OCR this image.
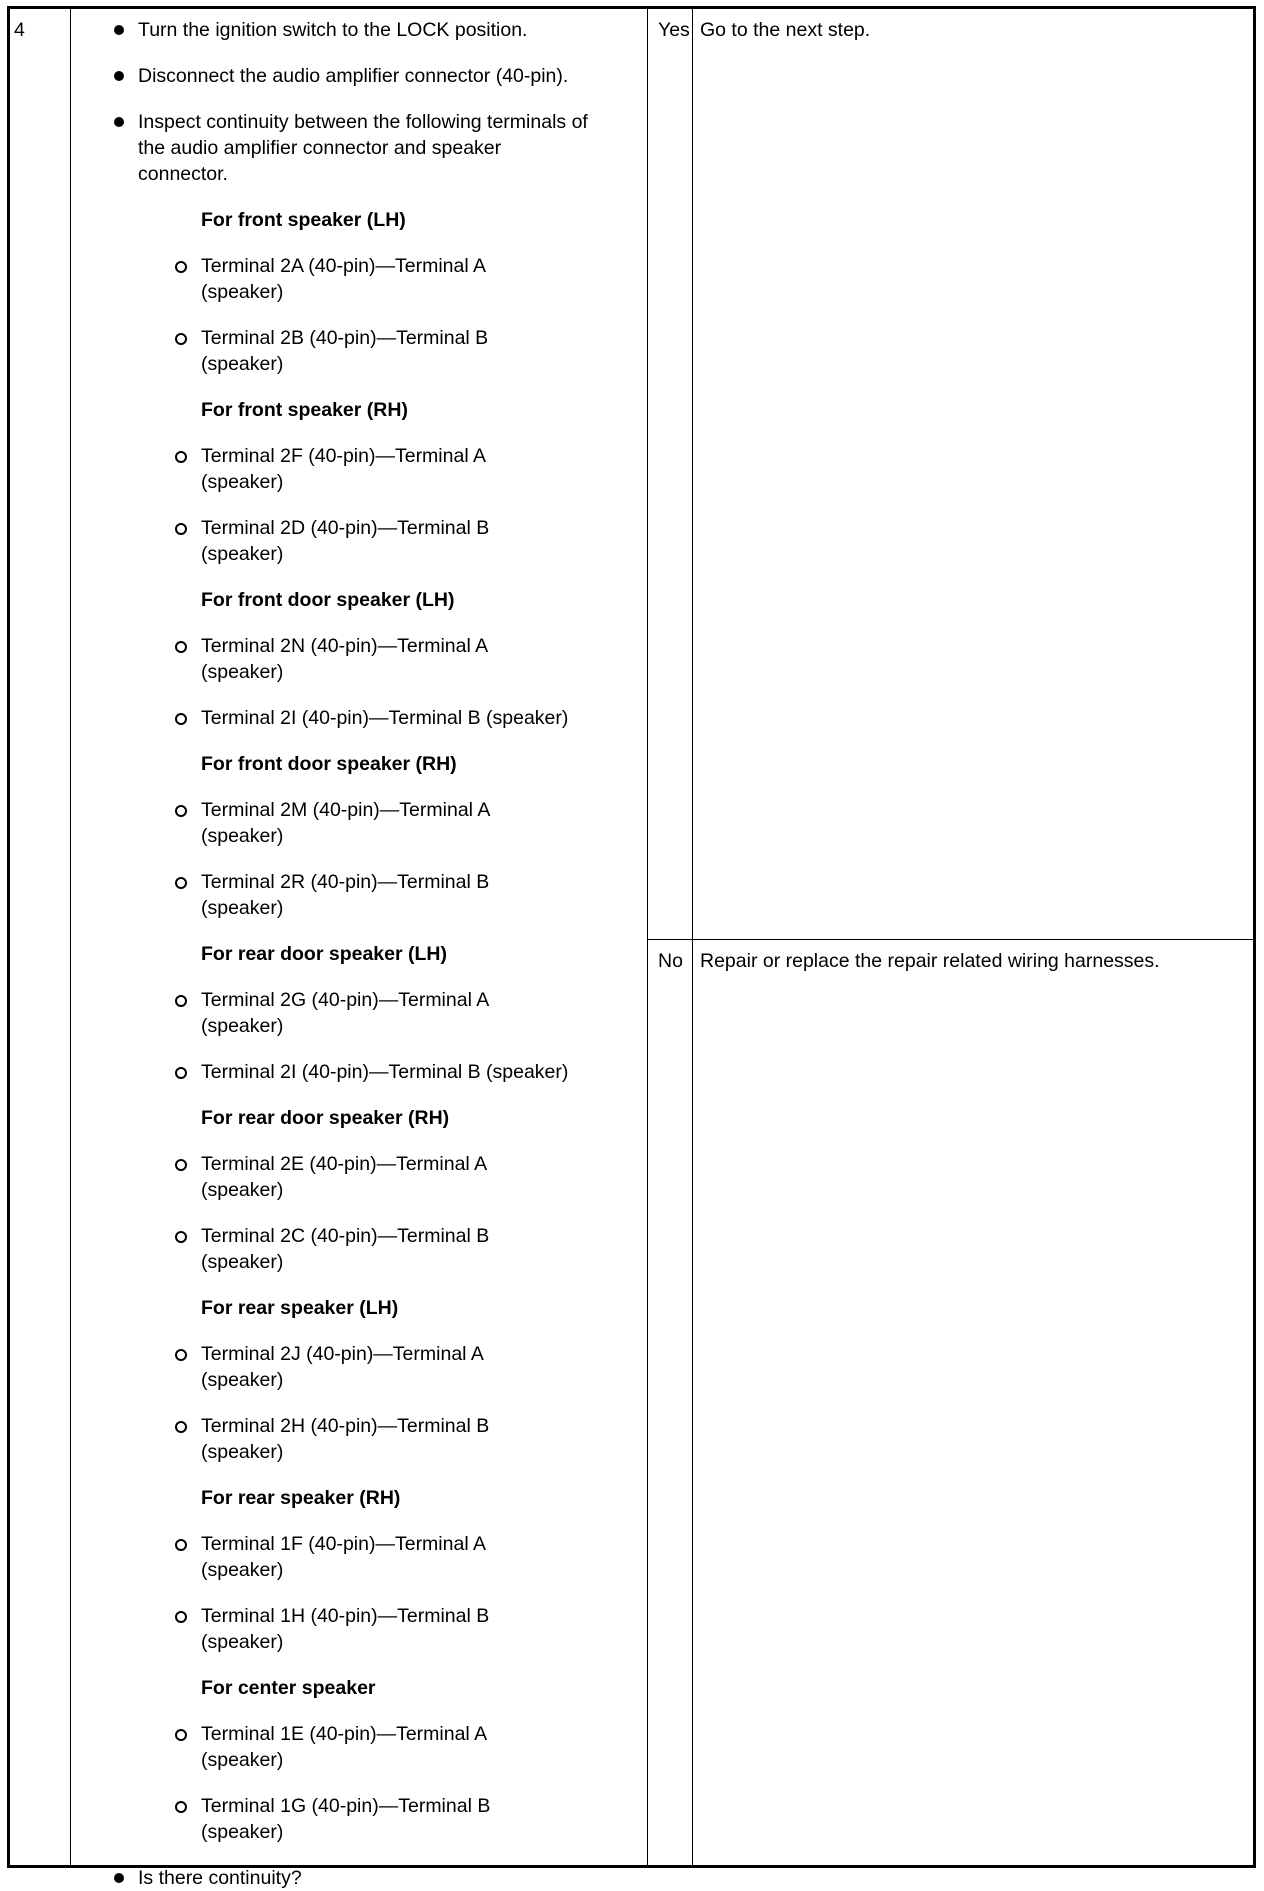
4	Turn the ignition switch to the LOCK position.
Disconnect the audio amplifier connector (40-pin).
Inspect continuity between the following terminals of
the audio amplifier connector and speaker
connector.
For front speaker (LH)
Terminal 2A (40-pin)—Terminal A
(speaker)
Terminal 2B (40-pin)—Terminal B
(speaker)
For front speaker (RH)
Terminal 2F (40-pin)—Terminal A
(speaker)
Terminal 2D (40-pin)—Terminal B
(speaker)
For front door speaker (LH)
Terminal 2N (40-pin)—Terminal A
(speaker)
Terminal 2I (40-pin)—Terminal B (speaker)
For front door speaker (RH)
Terminal 2M (40-pin)—Terminal A
(speaker)
Terminal 2R (40-pin)—Terminal B
(speaker)
For rear door speaker (LH)
Terminal 2G (40-pin)—Terminal A
(speaker)
Terminal 2I (40-pin)—Terminal B (speaker)
For rear door speaker (RH)
Terminal 2E (40-pin)—Terminal A
(speaker)
Terminal 2C (40-pin)—Terminal B
(speaker)
For rear speaker (LH)
Terminal 2J (40-pin)—Terminal A
(speaker)
Terminal 2H (40-pin)—Terminal B
(speaker)
For rear speaker (RH)
Terminal 1F (40-pin)—Terminal A
(speaker)
Terminal 1H (40-pin)—Terminal B
(speaker)
For center speaker
Terminal 1E (40-pin)—Terminal A
(speaker)
Terminal 1G (40-pin)—Terminal B
(speaker)
Is there continuity?
Yes Go to the next step.
No Repair or replace the repair related wiring harnesses.
